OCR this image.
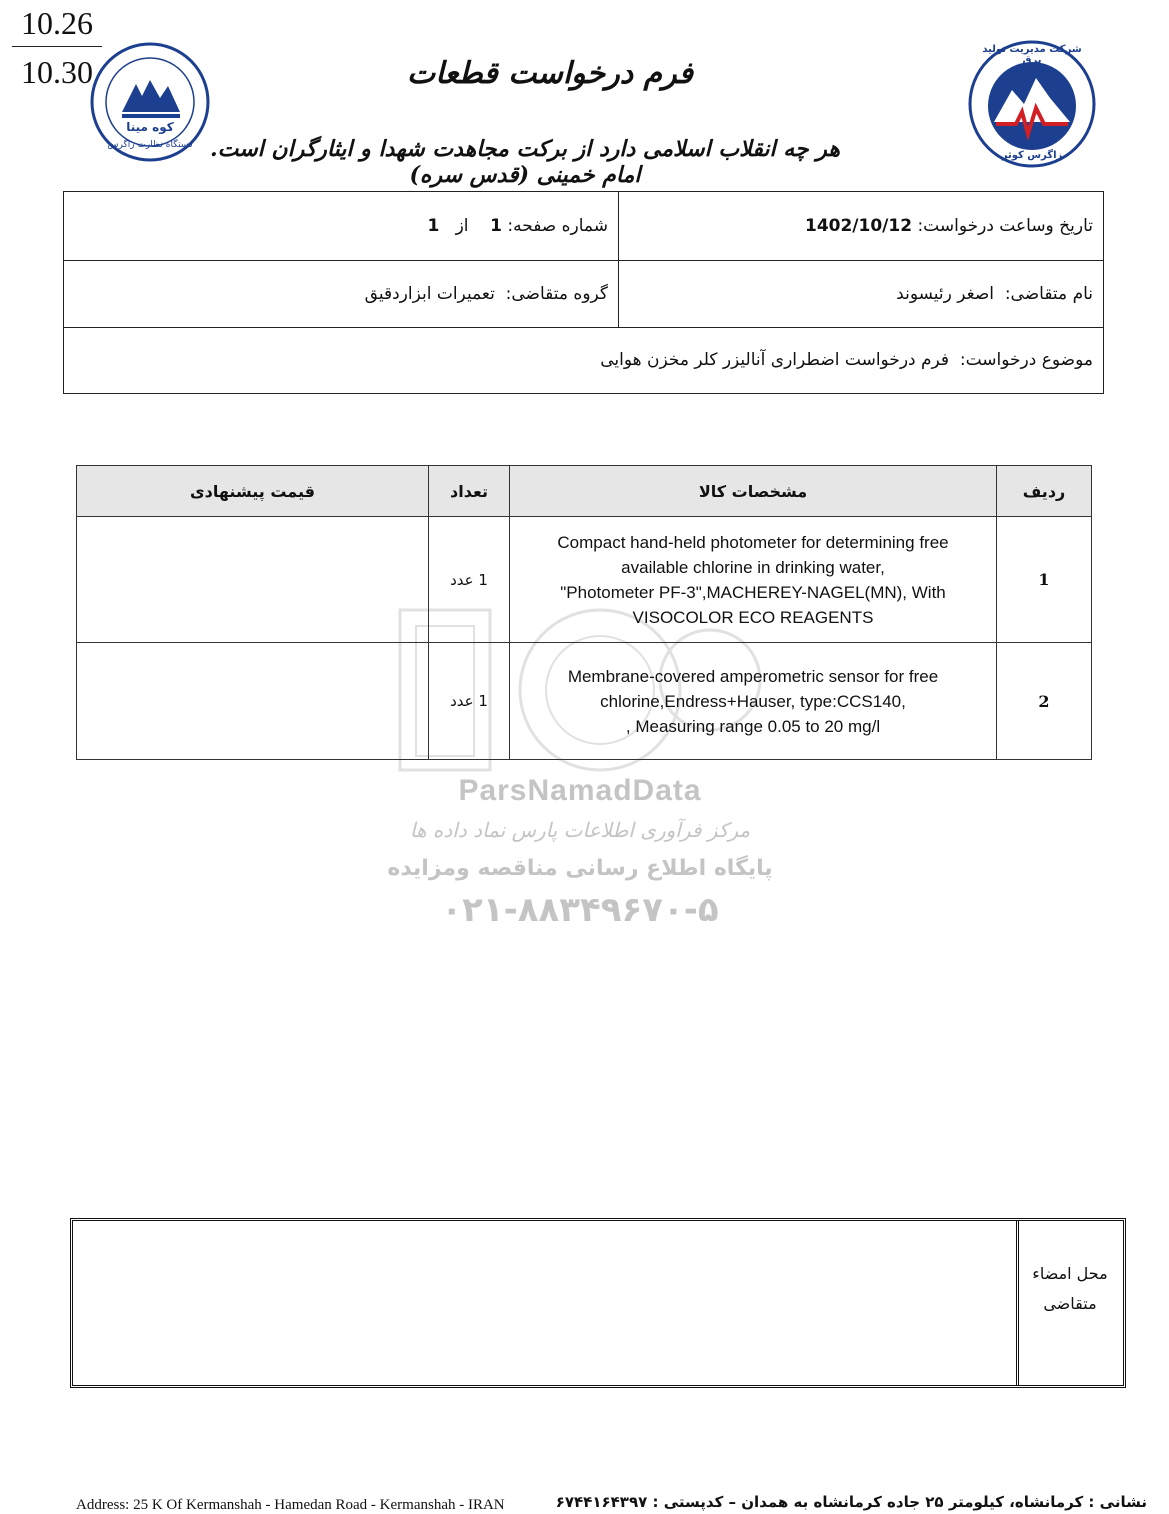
10.26
10.30
کوه مینا
دستگاه نظارت زاگرس
شرکت مدیریت تولید برق
زاگرس کوثر
فرم درخواست قطعات
هر چه انقلاب اسلامی دارد از برکت مجاهدت شهدا و ایثارگران است. امام خمینی (قدس سره)
تاریخ وساعت درخواست:

1402/10/12
شماره صفحه:

1

از

1
نام متقاضی:

اصغر رئیسوند
گروه متقاضی:

تعمیرات ابزاردقیق
موضوع درخواست:

فرم درخواست اضطراری آنالیزر کلر مخزن هوایی
ParsNamadData
مرکز فرآوری اطلاعات پارس نماد داده ها
پایگاه اطلاع رسانی مناقصه ومزایده
۰۲۱-۸۸۳۴۹۶۷۰-۵
ردیف	مشخصات کالا	تعداد	قیمت پیشنهادی
1	Compact hand-held photometer for determining free
available chlorine in drinking water,
"Photometer PF-3",MACHEREY-NAGEL(MN), With
VISOCOLOR ECO REAGENTS	1 عدد	
2	Membrane-covered amperometric sensor for free
chlorine,Endress+Hauser, type:CCS140,
, Measuring range 0.05 to 20 mg/l	1 عدد	
محل امضاء
متقاضی
Address: 25 K Of Kermanshah - Hamedan Road - Kermanshah - IRAN	نشانی : کرمانشاه، کیلومتر ۲۵ جاده کرمانشاه به همدان – کدپستی : ۶۷۴۴۱۶۴۳۹۷
